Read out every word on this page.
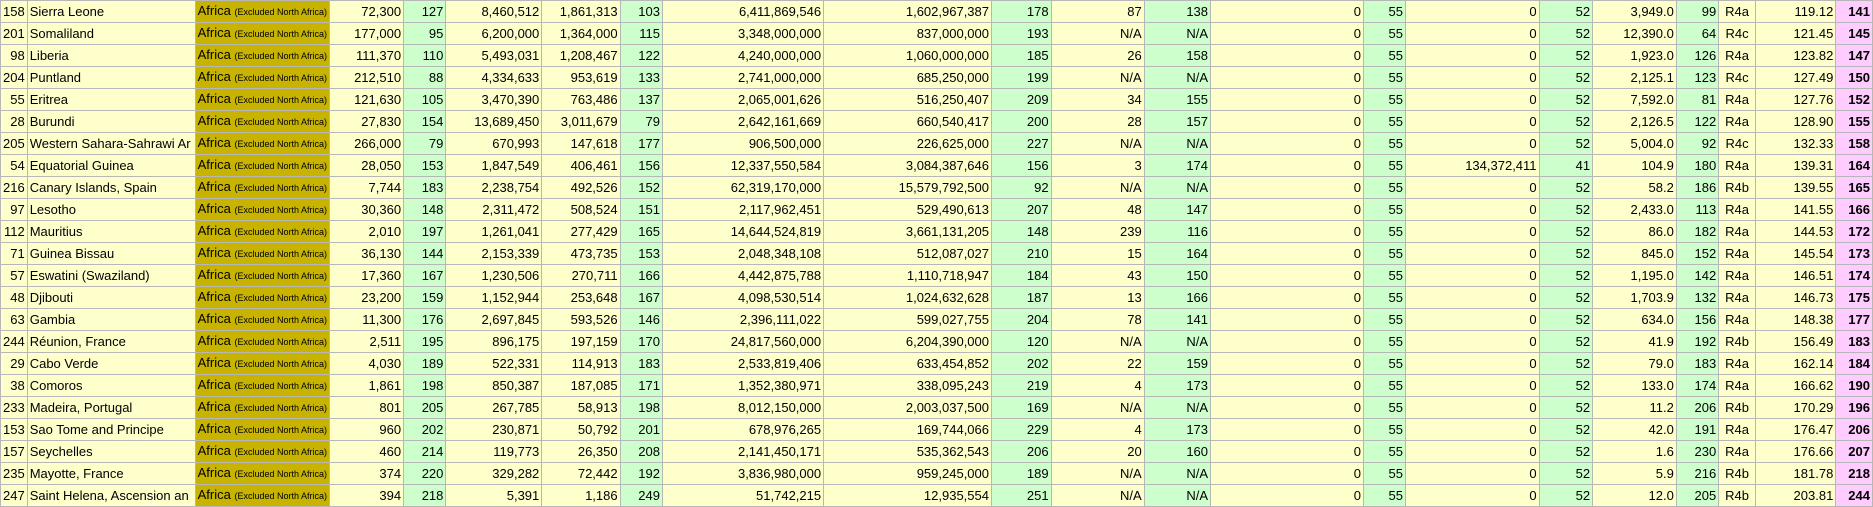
158	Sierra Leone	Africa (Excluded North Africa)	72,300	127	8,460,512	1,861,313	103	6,411,869,546	1,602,967,387	178	87	138	0	55	0	52	3,949.0	99	R4a	119.12	141
201	Somaliland	Africa (Excluded North Africa)	177,000	95	6,200,000	1,364,000	115	3,348,000,000	837,000,000	193	N/A	N/A	0	55	0	52	12,390.0	64	R4c	121.45	145
98	Liberia	Africa (Excluded North Africa)	111,370	110	5,493,031	1,208,467	122	4,240,000,000	1,060,000,000	185	26	158	0	55	0	52	1,923.0	126	R4a	123.82	147
204	Puntland	Africa (Excluded North Africa)	212,510	88	4,334,633	953,619	133	2,741,000,000	685,250,000	199	N/A	N/A	0	55	0	52	2,125.1	123	R4c	127.49	150
55	Eritrea	Africa (Excluded North Africa)	121,630	105	3,470,390	763,486	137	2,065,001,626	516,250,407	209	34	155	0	55	0	52	7,592.0	81	R4a	127.76	152
28	Burundi	Africa (Excluded North Africa)	27,830	154	13,689,450	3,011,679	79	2,642,161,669	660,540,417	200	28	157	0	55	0	52	2,126.5	122	R4a	128.90	155
205	Western Sahara-Sahrawi Ar	Africa (Excluded North Africa)	266,000	79	670,993	147,618	177	906,500,000	226,625,000	227	N/A	N/A	0	55	0	52	5,004.0	92	R4c	132.33	158
54	Equatorial Guinea	Africa (Excluded North Africa)	28,050	153	1,847,549	406,461	156	12,337,550,584	3,084,387,646	156	3	174	0	55	134,372,411	41	104.9	180	R4a	139.31	164
216	Canary Islands, Spain	Africa (Excluded North Africa)	7,744	183	2,238,754	492,526	152	62,319,170,000	15,579,792,500	92	N/A	N/A	0	55	0	52	58.2	186	R4b	139.55	165
97	Lesotho	Africa (Excluded North Africa)	30,360	148	2,311,472	508,524	151	2,117,962,451	529,490,613	207	48	147	0	55	0	52	2,433.0	113	R4a	141.55	166
112	Mauritius	Africa (Excluded North Africa)	2,010	197	1,261,041	277,429	165	14,644,524,819	3,661,131,205	148	239	116	0	55	0	52	86.0	182	R4a	144.53	172
71	Guinea Bissau	Africa (Excluded North Africa)	36,130	144	2,153,339	473,735	153	2,048,348,108	512,087,027	210	15	164	0	55	0	52	845.0	152	R4a	145.54	173
57	Eswatini (Swaziland)	Africa (Excluded North Africa)	17,360	167	1,230,506	270,711	166	4,442,875,788	1,110,718,947	184	43	150	0	55	0	52	1,195.0	142	R4a	146.51	174
48	Djibouti	Africa (Excluded North Africa)	23,200	159	1,152,944	253,648	167	4,098,530,514	1,024,632,628	187	13	166	0	55	0	52	1,703.9	132	R4a	146.73	175
63	Gambia	Africa (Excluded North Africa)	11,300	176	2,697,845	593,526	146	2,396,111,022	599,027,755	204	78	141	0	55	0	52	634.0	156	R4a	148.38	177
244	Réunion, France	Africa (Excluded North Africa)	2,511	195	896,175	197,159	170	24,817,560,000	6,204,390,000	120	N/A	N/A	0	55	0	52	41.9	192	R4b	156.49	183
29	Cabo Verde	Africa (Excluded North Africa)	4,030	189	522,331	114,913	183	2,533,819,406	633,454,852	202	22	159	0	55	0	52	79.0	183	R4a	162.14	184
38	Comoros	Africa (Excluded North Africa)	1,861	198	850,387	187,085	171	1,352,380,971	338,095,243	219	4	173	0	55	0	52	133.0	174	R4a	166.62	190
233	Madeira, Portugal	Africa (Excluded North Africa)	801	205	267,785	58,913	198	8,012,150,000	2,003,037,500	169	N/A	N/A	0	55	0	52	11.2	206	R4b	170.29	196
153	Sao Tome and Principe	Africa (Excluded North Africa)	960	202	230,871	50,792	201	678,976,265	169,744,066	229	4	173	0	55	0	52	42.0	191	R4a	176.47	206
157	Seychelles	Africa (Excluded North Africa)	460	214	119,773	26,350	208	2,141,450,171	535,362,543	206	20	160	0	55	0	52	1.6	230	R4a	176.66	207
235	Mayotte, France	Africa (Excluded North Africa)	374	220	329,282	72,442	192	3,836,980,000	959,245,000	189	N/A	N/A	0	55	0	52	5.9	216	R4b	181.78	218
247	Saint Helena, Ascension an	Africa (Excluded North Africa)	394	218	5,391	1,186	249	51,742,215	12,935,554	251	N/A	N/A	0	55	0	52	12.0	205	R4b	203.81	244
